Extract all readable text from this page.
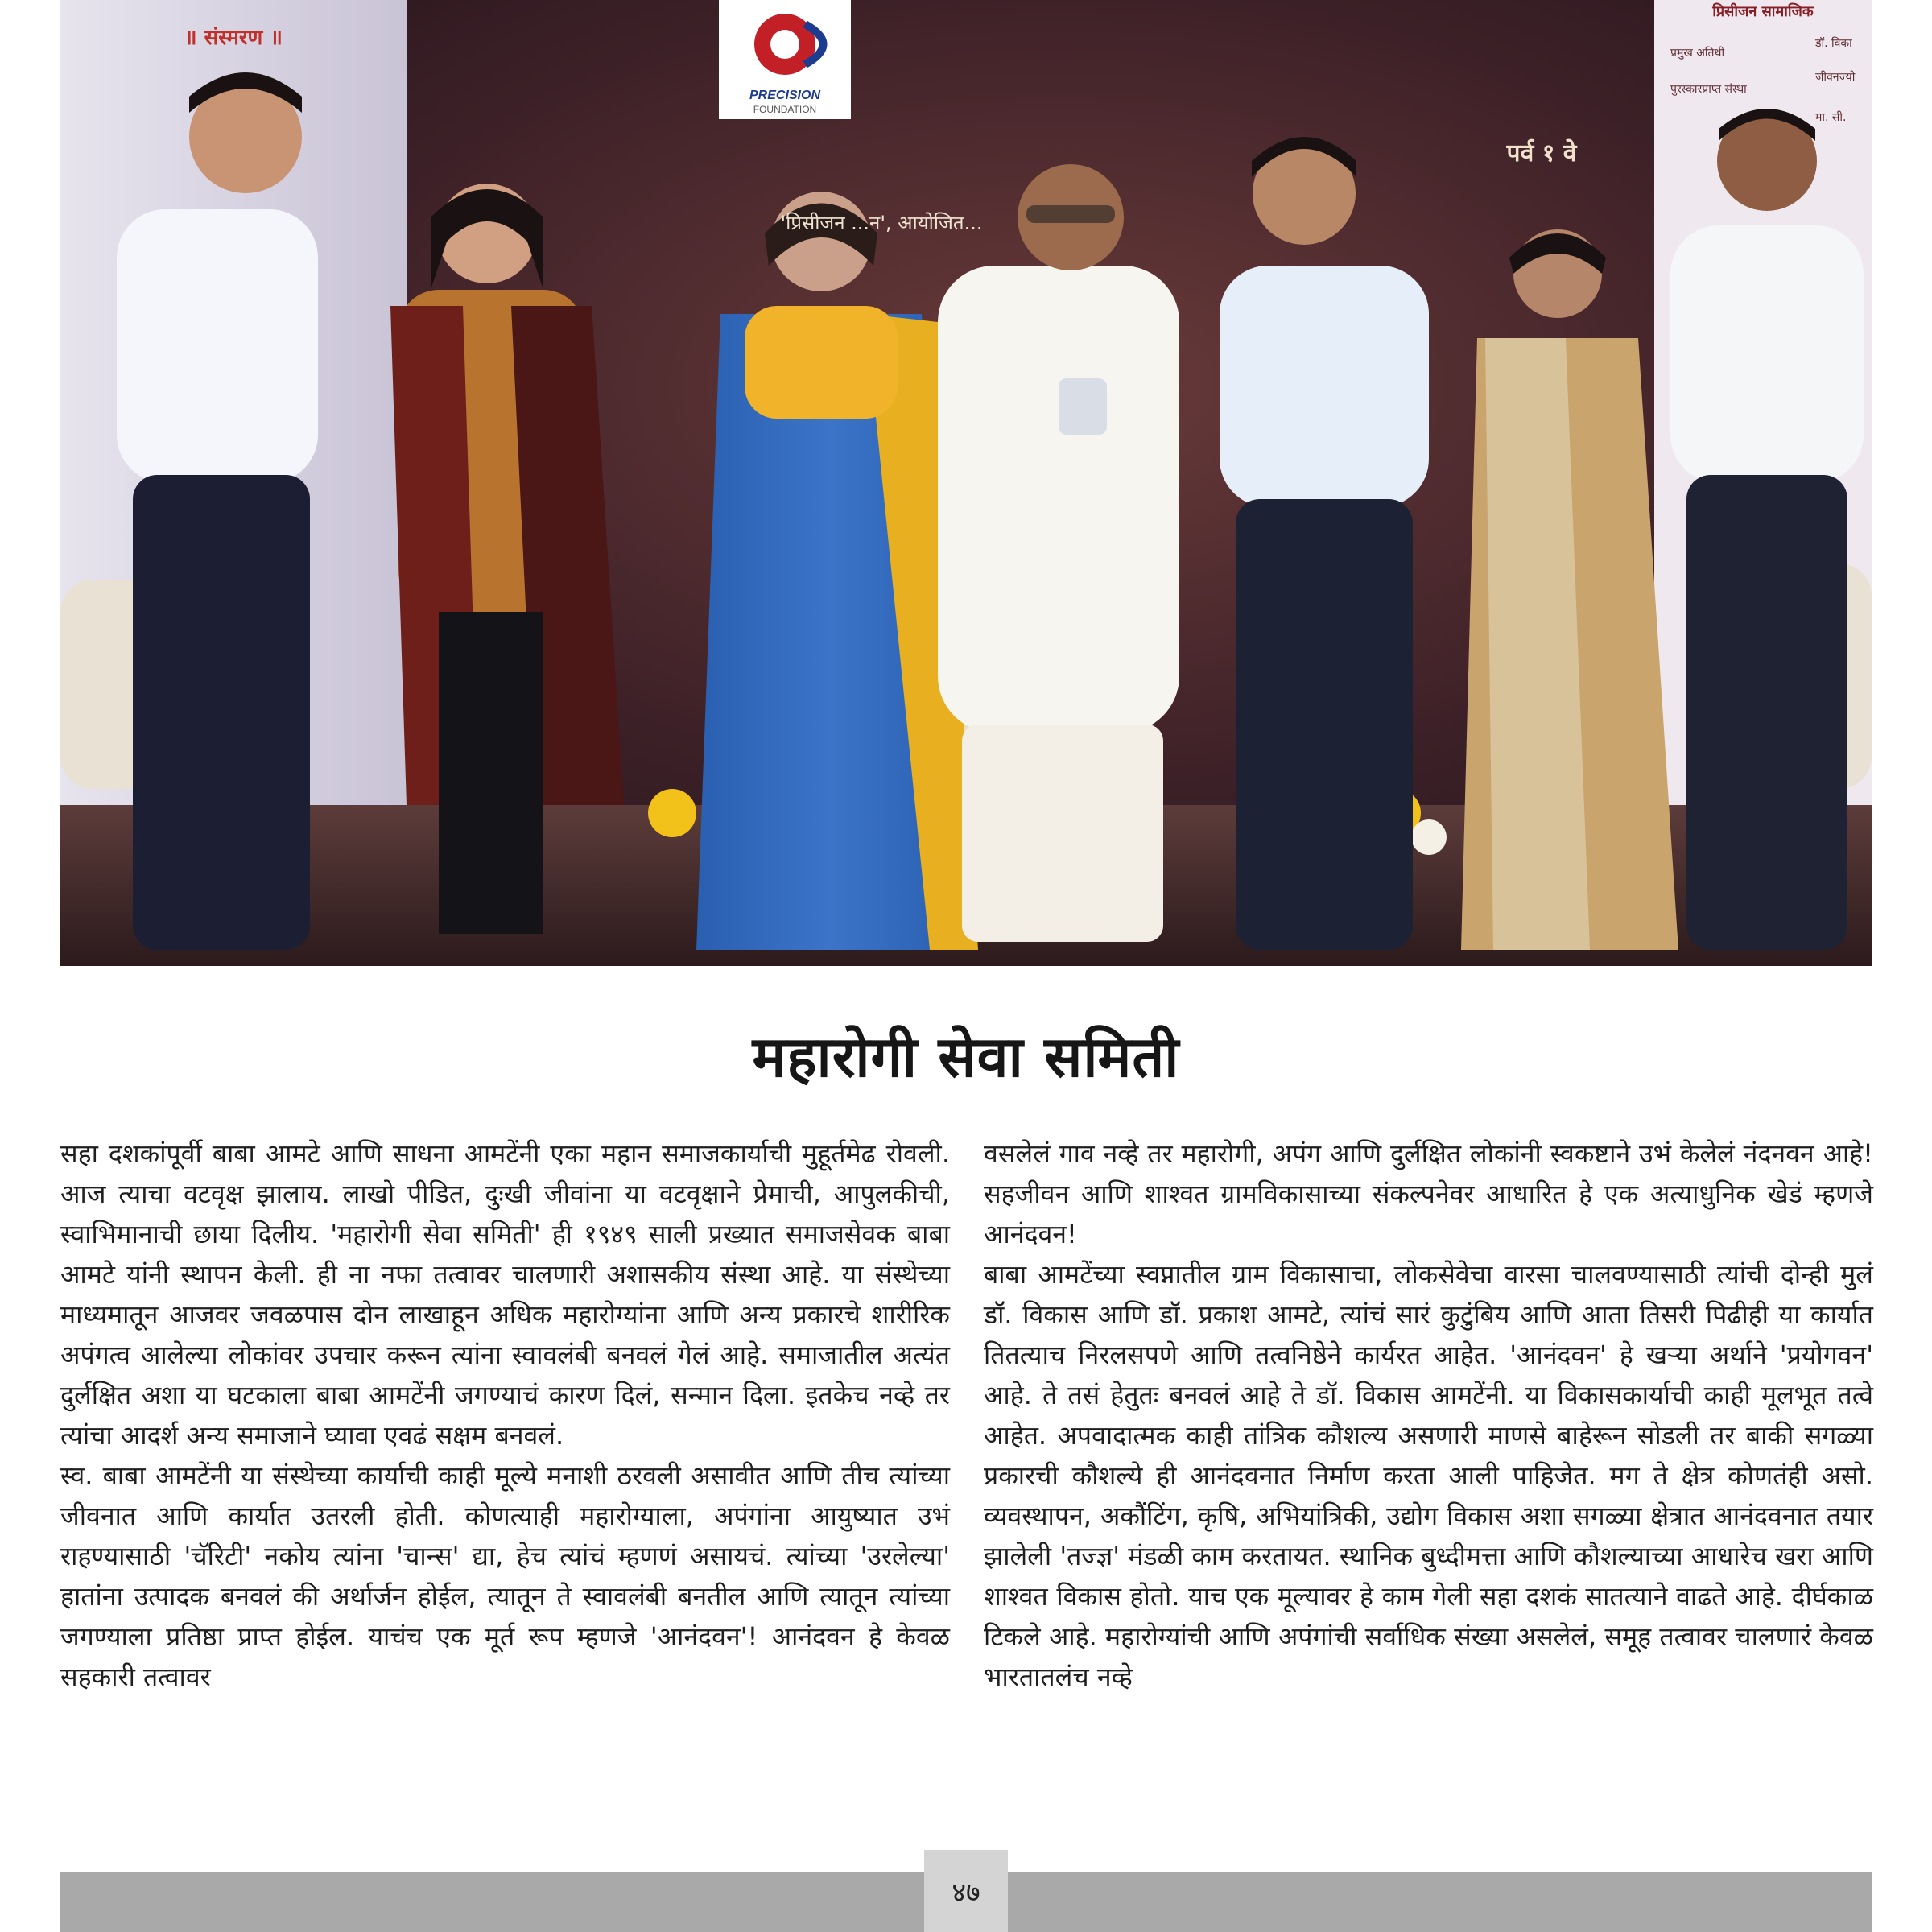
PRECISION
FOUNDATION
॥ संस्मरण ॥
'प्रिसीजन ...न', आयोजित...
पर्व १ वे
प्रिसीजन सामाजिक
प्रमुख अतिथी
डॉ. विका
पुरस्कारप्राप्त संस्था
जीवनज्यो
मा. सी.
महारोगी सेवा समिती

सहा दशकांपूर्वी बाबा आमटे आणि साधना आमटेंनी एका महान समाजकार्याची मुहूर्तमेढ रोवली. आज त्याचा वटवृक्ष झालाय. लाखो पीडित, दुःखी जीवांना या वटवृक्षाने प्रेमाची, आपुलकीची, स्वाभिमानाची छाया दिलीय. 'महारोगी सेवा समिती' ही १९४९ साली प्रख्यात समाजसेवक बाबा आमटे यांनी स्थापन केली. ही ना नफा तत्वावर चालणारी अशासकीय संस्था आहे. या संस्थेच्या माध्यमातून आजवर जवळपास दोन लाखाहून अधिक महारोग्यांना आणि अन्य प्रकारचे शारीरिक अपंगत्व आलेल्या लोकांवर उपचार करून त्यांना स्वावलंबी बनवलं गेलं आहे. समाजातील अत्यंत दुर्लक्षित अशा या घटकाला बाबा आमटेंनी जगण्याचं कारण दिलं, सन्मान दिला. इतकेच नव्हे तर त्यांचा आदर्श अन्य समाजाने घ्यावा एवढं सक्षम बनवलं.

स्व. बाबा आमटेंनी या संस्थेच्या कार्याची काही मूल्ये मनाशी ठरवली असावीत आणि तीच त्यांच्या जीवनात आणि कार्यात उतरली होती. कोणत्याही महारोग्याला, अपंगांना आयुष्यात उभं राहण्यासाठी 'चॅरिटी' नकोय त्यांना 'चान्स' द्या, हेच त्यांचं म्हणणं असायचं. त्यांच्या 'उरलेल्या' हातांना उत्पादक बनवलं की अर्थार्जन होईल, त्यातून ते स्वावलंबी बनतील आणि त्यातून त्यांच्या जगण्याला प्रतिष्ठा प्राप्त होईल. याचंच एक मूर्त रूप म्हणजे 'आनंदवन'! आनंदवन हे केवळ सहकारी तत्वावर

वसलेलं गाव नव्हे तर महारोगी, अपंग आणि दुर्लक्षित लोकांनी स्वकष्टाने उभं केलेलं नंदनवन आहे! सहजीवन आणि शाश्वत ग्रामविकासाच्या संकल्पनेवर आधारित हे एक अत्याधुनिक खेडं म्हणजे आनंदवन!

बाबा आमटेंच्या स्वप्नातील ग्राम विकासाचा, लोकसेवेचा वारसा चालवण्यासाठी त्यांची दोन्ही मुलं डॉ. विकास आणि डॉ. प्रकाश आमटे, त्यांचं सारं कुटुंबिय आणि आता तिसरी पिढीही या कार्यात तितत्याच निरलसपणे आणि तत्वनिष्ठेने कार्यरत आहेत. 'आनंदवन' हे खऱ्या अर्थाने 'प्रयोगवन' आहे. ते तसं हेतुतः बनवलं आहे ते डॉ. विकास आमटेंनी. या विकासकार्याची काही मूलभूत तत्वे आहेत. अपवादात्मक काही तांत्रिक कौशल्य असणारी माणसे बाहेरून सोडली तर बाकी सगळ्या प्रकारची कौशल्ये ही आनंदवनात निर्माण करता आली पाहिजेत. मग ते क्षेत्र कोणतंही असो. व्यवस्थापन, अकौंटिंग, कृषि, अभियांत्रिकी, उद्योग विकास अशा सगळ्या क्षेत्रात आनंदवनात तयार झालेली 'तज्ज्ञ' मंडळी काम करतायत. स्थानिक बुध्दीमत्ता आणि कौशल्याच्या आधारेच खरा आणि शाश्वत विकास होतो. याच एक मूल्यावर हे काम गेली सहा दशकं सातत्याने वाढते आहे. दीर्घकाळ टिकले आहे. महारोग्यांची आणि अपंगांची सर्वाधिक संख्या असलेलं, समूह तत्वावर चालणारं केवळ भारतातलंच नव्हे

४७
